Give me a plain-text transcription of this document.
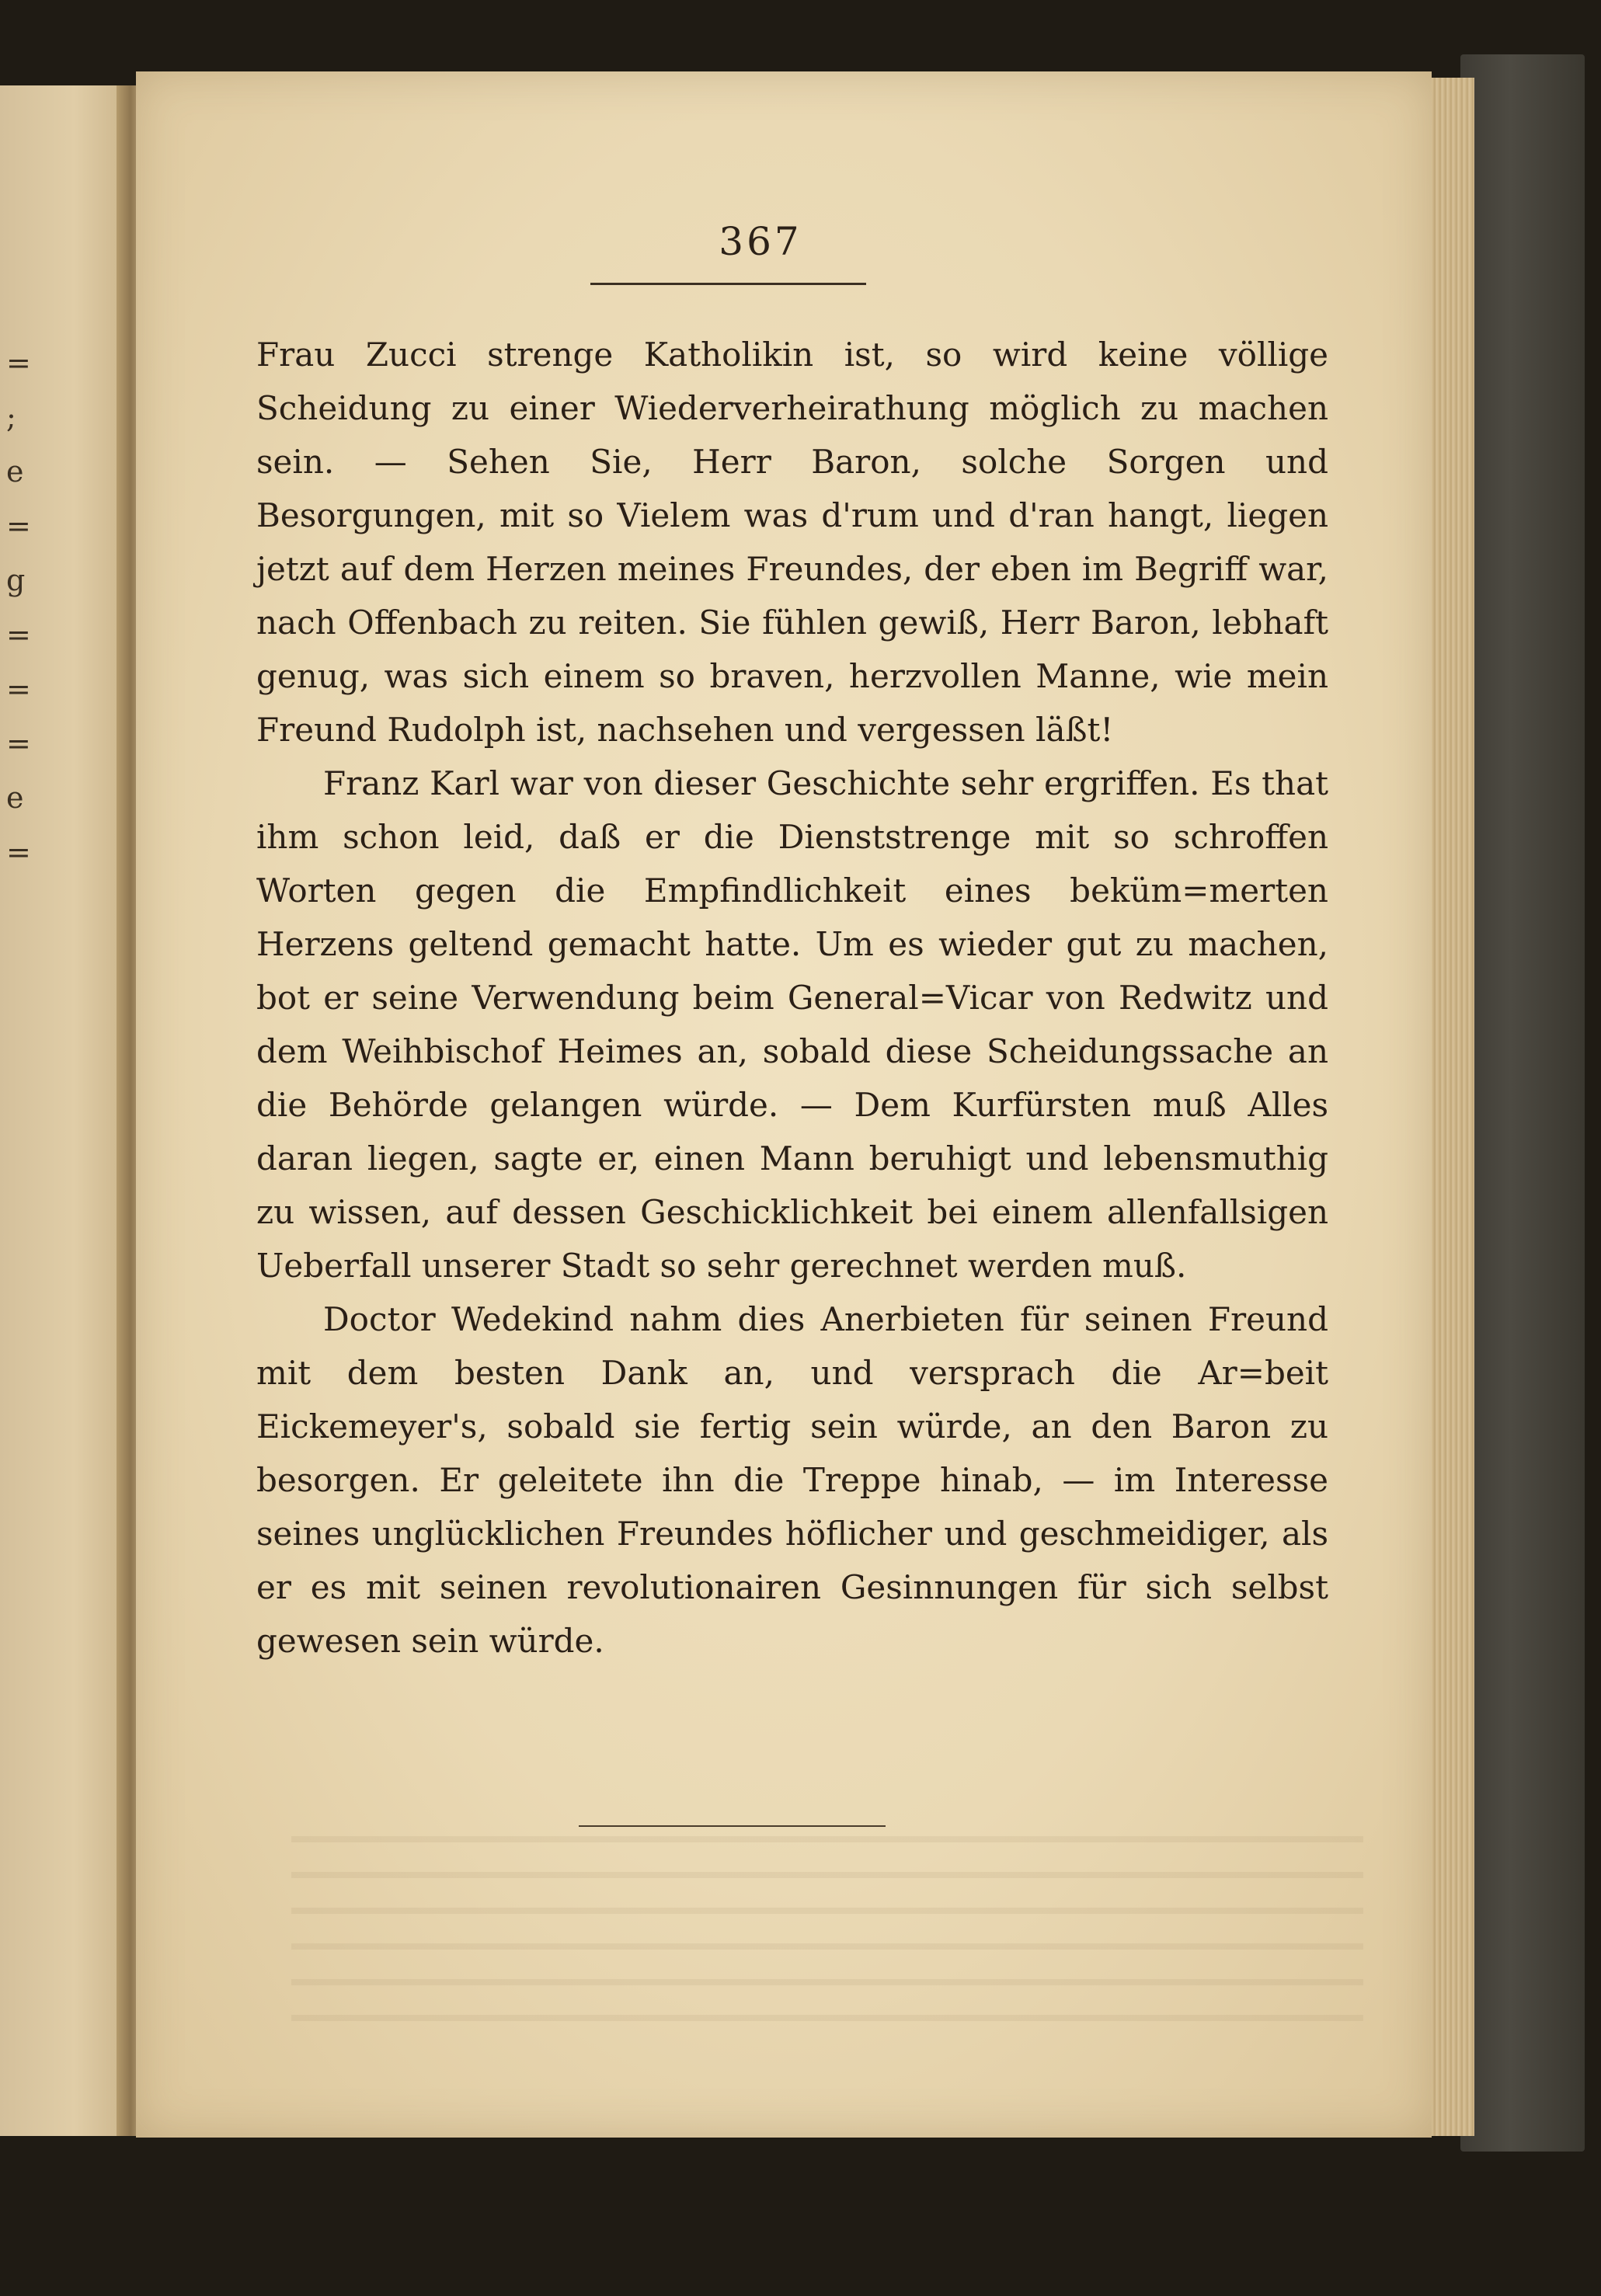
=
;
e
=
g
=
=
=
e
=
367

Frau Zucci strenge Katholikin ist, so wird keine völlige Scheidung zu einer Wiederverheirathung möglich zu machen sein. — Sehen Sie, Herr Baron, solche Sorgen und Besorgungen, mit so Vielem was d'rum und d'ran hangt, liegen jetzt auf dem Herzen meines Freundes, der eben im Begriff war, nach Offenbach zu reiten. Sie fühlen gewiß, Herr Baron, lebhaft genug, was sich einem so braven, herzvollen Manne, wie mein Freund Rudolph ist, nachsehen und vergessen läßt!

Franz Karl war von dieser Geschichte sehr ergriffen. Es that ihm schon leid, daß er die Dienststrenge mit so schroffen Worten gegen die Empfindlichkeit eines beküm=merten Herzens geltend gemacht hatte. Um es wieder gut zu machen, bot er seine Verwendung beim General=Vicar von Redwitz und dem Weihbischof Heimes an, sobald diese Scheidungssache an die Behörde gelangen würde. — Dem Kurfürsten muß Alles daran liegen, sagte er, einen Mann beruhigt und lebensmuthig zu wissen, auf dessen Geschicklichkeit bei einem allenfallsigen Ueberfall unserer Stadt so sehr gerechnet werden muß.

Doctor Wedekind nahm dies Anerbieten für seinen Freund mit dem besten Dank an, und versprach die Ar=beit Eickemeyer's, sobald sie fertig sein würde, an den Baron zu besorgen. Er geleitete ihn die Treppe hinab, — im Interesse seines unglücklichen Freundes höflicher und geschmeidiger, als er es mit seinen revolutionairen Gesinnungen für sich selbst gewesen sein würde.
